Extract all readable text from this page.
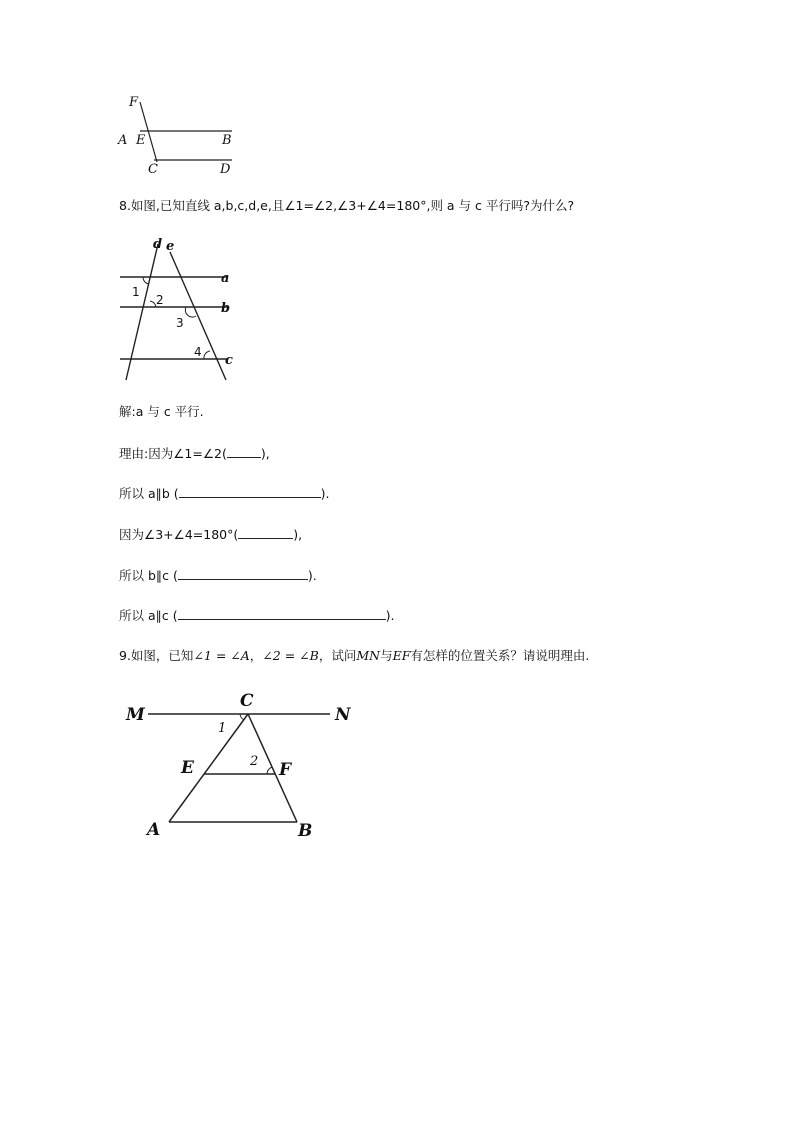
F
A E	B
C	D
8.如图,已知直线 a,b,c,d,e,且∠1=∠2,∠3+∠4=180°,则 a 与 c 平行吗?为什么?
d e
a
b
c
1
2
3
4
解:a 与 c 平行.
理由:因为∠1=∠2(	),
所以 a∥b (	).
因为∠3+∠4=180°(	),
所以 b∥c (	).
所以 a∥c (	).
9.如图，已知∠1 = ∠A，∠2 = ∠B，试问MN与EF有怎样的位置关系？请说明理由.
M	N
C
E	F
A	B
1
2
